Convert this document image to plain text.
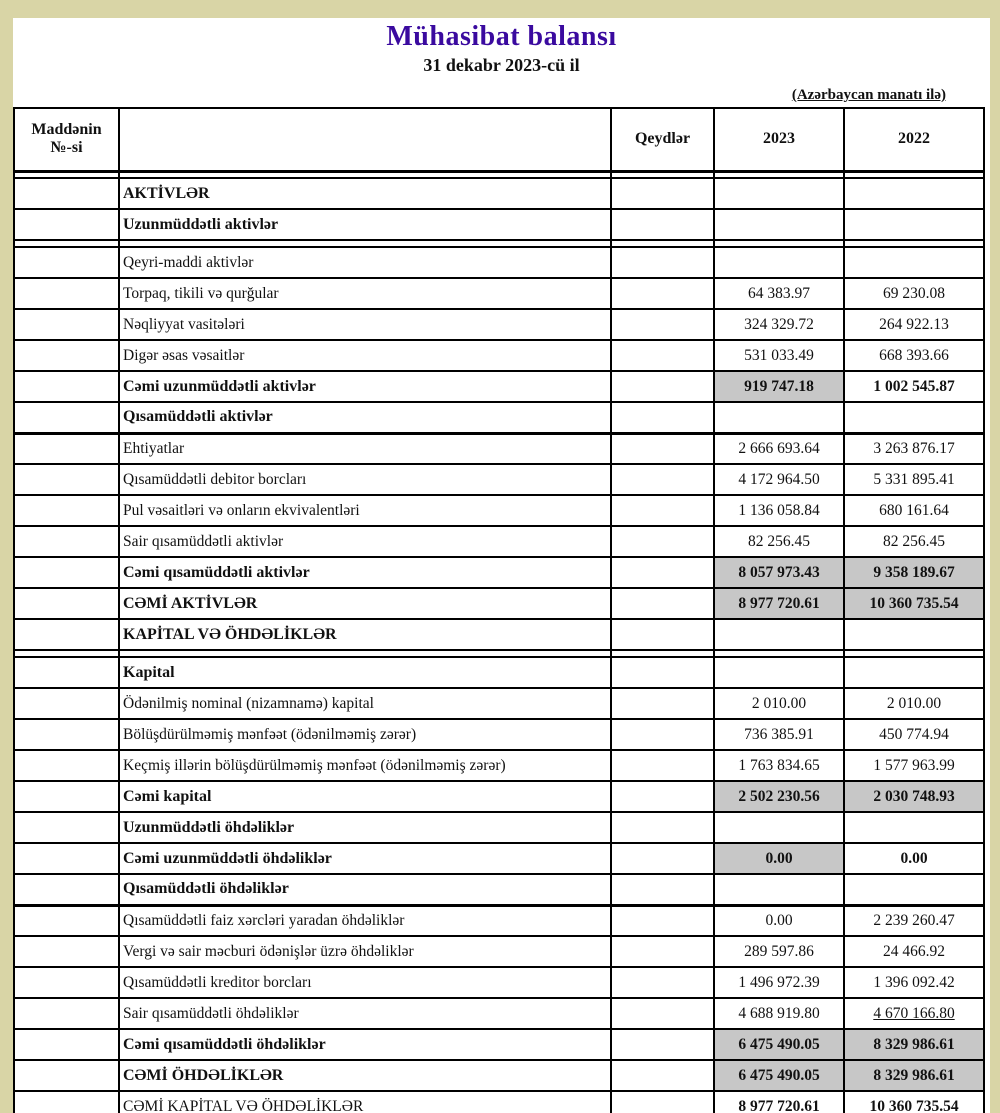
Mühasibat balansı
31 dekabr 2023-cü il
(Azərbaycan manatı ilə)
Maddənin
№-si		Qeydlər	2023	2022

	AKTİVLƏR			
	Uzunmüddətli aktivlər			

	Qeyri-maddi aktivlər			
	Torpaq, tikili və qurğular		64 383.97	69 230.08
	Nəqliyyat vasitələri		324 329.72	264 922.13
	Digər əsas vəsaitlər		531 033.49	668 393.66
	Cəmi uzunmüddətli aktivlər		919 747.18	1 002 545.87
	Qısamüddətli aktivlər			
	Ehtiyatlar		2 666 693.64	3 263 876.17
	Qısamüddətli debitor borcları		4 172 964.50	5 331 895.41
	Pul vəsaitləri və onların ekvivalentləri		1 136 058.84	680 161.64
	Sair qısamüddətli aktivlər		82 256.45	82 256.45
	Cəmi qısamüddətli aktivlər		8 057 973.43	9 358 189.67
	CƏMİ AKTİVLƏR		8 977 720.61	10 360 735.54
	KAPİTAL VƏ ÖHDƏLİKLƏR			

	Kapital			
	Ödənilmiş nominal (nizamnamə) kapital		2 010.00	2 010.00
	Bölüşdürülməmiş mənfəət (ödənilməmiş zərər)		736 385.91	450 774.94
	Keçmiş illərin bölüşdürülməmiş mənfəət (ödənilməmiş zərər)		1 763 834.65	1 577 963.99
	Cəmi kapital		2 502 230.56	2 030 748.93
	Uzunmüddətli öhdəliklər			
	Cəmi uzunmüddətli öhdəliklər		0.00	0.00
	Qısamüddətli öhdəliklər			
	Qısamüddətli faiz xərcləri yaradan öhdəliklər		0.00	2 239 260.47
	Vergi və sair məcburi ödənişlər üzrə öhdəliklər		289 597.86	24 466.92
	Qısamüddətli kreditor borcları		1 496 972.39	1 396 092.42
	Sair qısamüddətli öhdəliklər		4 688 919.80	4 670 166.80
	Cəmi qısamüddətli öhdəliklər		6 475 490.05	8 329 986.61
	CƏMİ ÖHDƏLİKLƏR		6 475 490.05	8 329 986.61
	CƏMİ KAPİTAL VƏ ÖHDƏLİKLƏR		8 977 720.61	10 360 735.54
